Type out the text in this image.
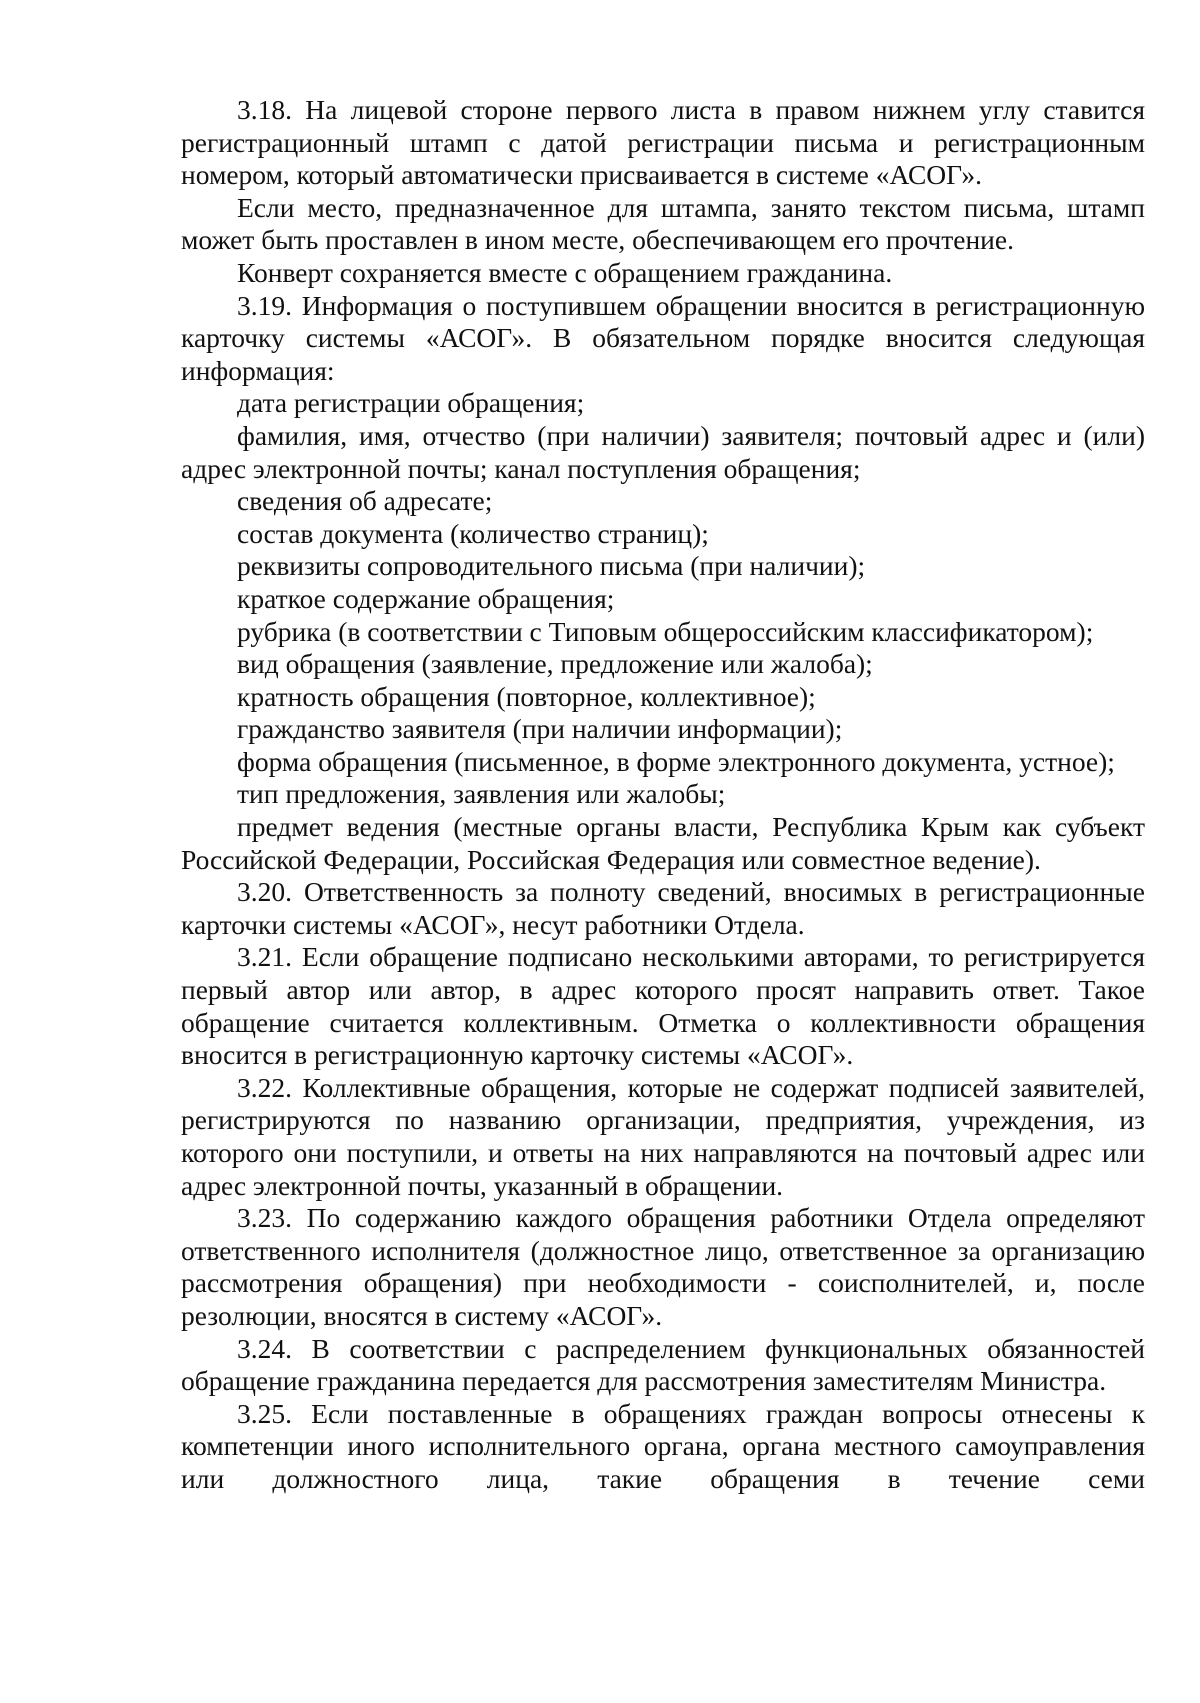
3.18. На лицевой стороне первого листа в правом нижнем углу ставится регистрационный штамп с датой регистрации письма и регистрационным номером, который автоматически присваивается в системе «АСОГ».

Если место, предназначенное для штампа, занято текстом письма, штамп может быть проставлен в ином месте, обеспечивающем его прочтение.

Конверт сохраняется вместе с обращением гражданина.

3.19. Информация о поступившем обращении вносится в регистрационную карточку системы «АСОГ». В обязательном порядке вносится следующая информация:

дата регистрации обращения;

фамилия, имя, отчество (при наличии) заявителя; почтовый адрес и (или) адрес электронной почты; канал поступления обращения;

сведения об адресате;

состав документа (количество страниц);

реквизиты сопроводительного письма (при наличии);

краткое содержание обращения;

рубрика (в соответствии с Типовым общероссийским классификатором);

вид обращения (заявление, предложение или жалоба);

кратность обращения (повторное, коллективное);

гражданство заявителя (при наличии информации);

форма обращения (письменное, в форме электронного документа, устное);

тип предложения, заявления или жалобы;

предмет ведения (местные органы власти, Республика Крым как субъект Российской Федерации, Российская Федерация или совместное ведение).

3.20. Ответственность за полноту сведений, вносимых в регистрационные карточки системы «АСОГ», несут работники Отдела.

3.21. Если обращение подписано несколькими авторами, то регистрируется первый автор или автор, в адрес которого просят направить ответ. Такое обращение считается коллективным. Отметка о коллективности обращения вносится в регистрационную карточку системы «АСОГ».

3.22. Коллективные обращения, которые не содержат подписей заявителей, регистрируются по названию организации, предприятия, учреждения, из которого они поступили, и ответы на них направляются на почтовый адрес или адрес электронной почты, указанный в обращении.

3.23. По содержанию каждого обращения работники Отдела определяют ответственного исполнителя (должностное лицо, ответственное за организацию рассмотрения обращения) при необходимости - соисполнителей, и, после резолюции, вносятся в систему «АСОГ».

3.24. В соответствии с распределением функциональных обязанностей обращение гражданина передается для рассмотрения заместителям Министра.

3.25. Если поставленные в обращениях граждан вопросы отнесены к компетенции иного исполнительного органа, органа местного самоуправления или должностного лица, такие обращения в течение семи
